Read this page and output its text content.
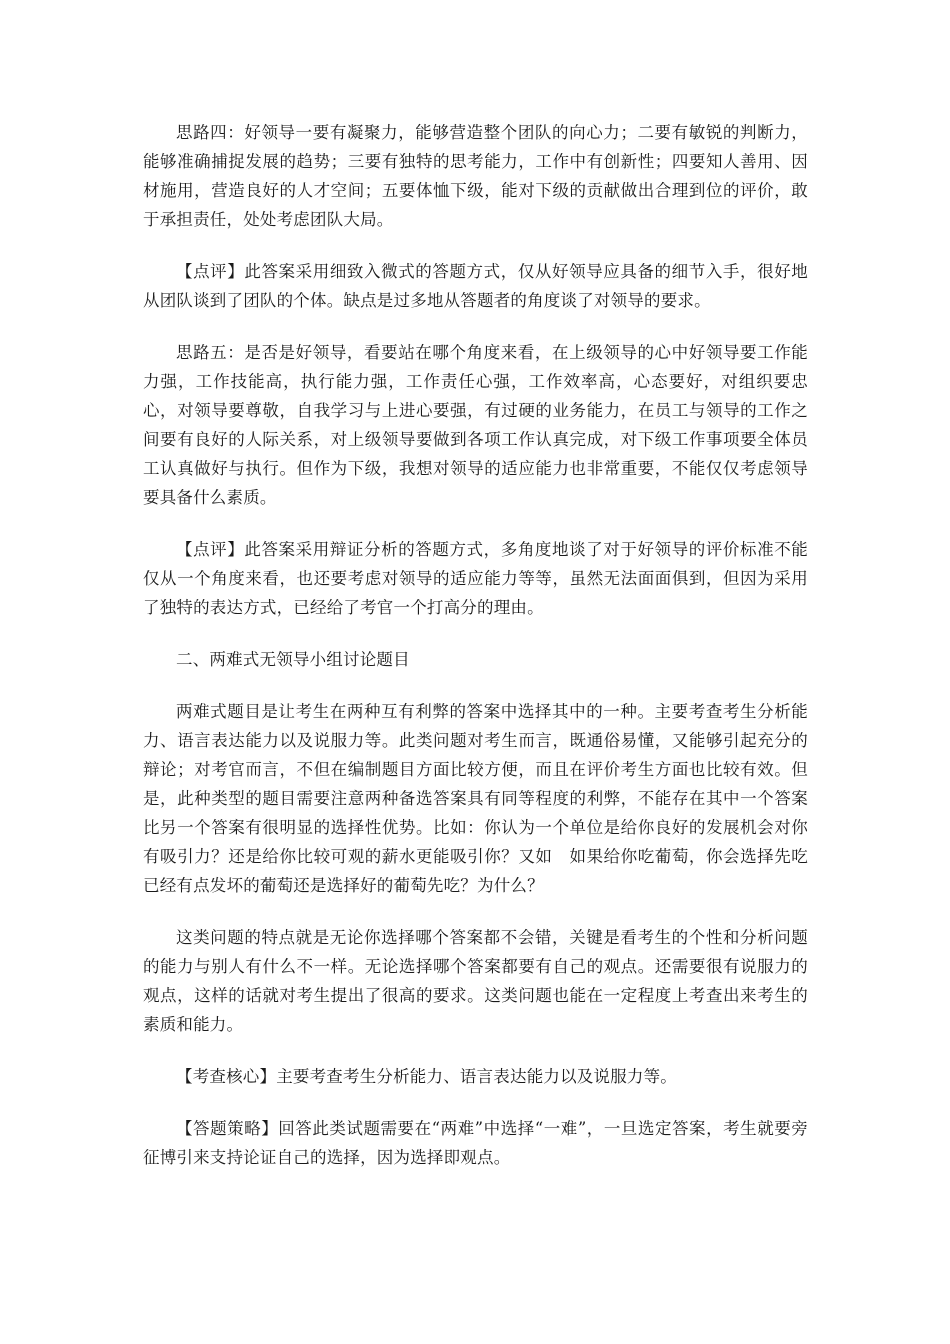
思路四：好领导一要有凝聚力，能够营造整个团队的向心力；二要有敏锐的判断力，能够准确捕捉发展的趋势；三要有独特的思考能力，工作中有创新性；四要知人善用、因材施用，营造良好的人才空间；五要体恤下级，能对下级的贡献做出合理到位的评价，敢于承担责任，处处考虑团队大局。

【点评】此答案采用细致入微式的答题方式，仅从好领导应具备的细节入手，很好地从团队谈到了团队的个体。缺点是过多地从答题者的角度谈了对领导的要求。

思路五：是否是好领导，看要站在哪个角度来看，在上级领导的心中好领导要工作能力强，工作技能高，执行能力强，工作责任心强，工作效率高，心态要好，对组织要忠心，对领导要尊敬，自我学习与上进心要强，有过硬的业务能力，在员工与领导的工作之间要有良好的人际关系，对上级领导要做到各项工作认真完成，对下级工作事项要全体员工认真做好与执行。但作为下级，我想对领导的适应能力也非常重要，不能仅仅考虑领导要具备什么素质。

【点评】此答案采用辩证分析的答题方式，多角度地谈了对于好领导的评价标准不能仅从一个角度来看，也还要考虑对领导的适应能力等等，虽然无法面面俱到，但因为采用了独特的表达方式，已经给了考官一个打高分的理由。

二、两难式无领导小组讨论题目

两难式题目是让考生在两种互有利弊的答案中选择其中的一种。主要考查考生分析能力、语言表达能力以及说服力等。此类问题对考生而言，既通俗易懂，又能够引起充分的辩论；对考官而言，不但在编制题目方面比较方便，而且在评价考生方面也比较有效。但是，此种类型的题目需要注意两种备选答案具有同等程度的利弊，不能存在其中一个答案比另一个答案有很明显的选择性优势。比如：你认为一个单位是给你良好的发展机会对你有吸引力？还是给你比较可观的薪水更能吸引你？又如　如果给你吃葡萄，你会选择先吃已经有点发坏的葡萄还是选择好的葡萄先吃？为什么？

这类问题的特点就是无论你选择哪个答案都不会错，关键是看考生的个性和分析问题的能力与别人有什么不一样。无论选择哪个答案都要有自己的观点。还需要很有说服力的观点，这样的话就对考生提出了很高的要求。这类问题也能在一定程度上考查出来考生的素质和能力。

【考查核心】主要考查考生分析能力、语言表达能力以及说服力等。

【答题策略】回答此类试题需要在“两难”中选择“一难”，一旦选定答案，考生就要旁征博引来支持论证自己的选择，因为选择即观点。
